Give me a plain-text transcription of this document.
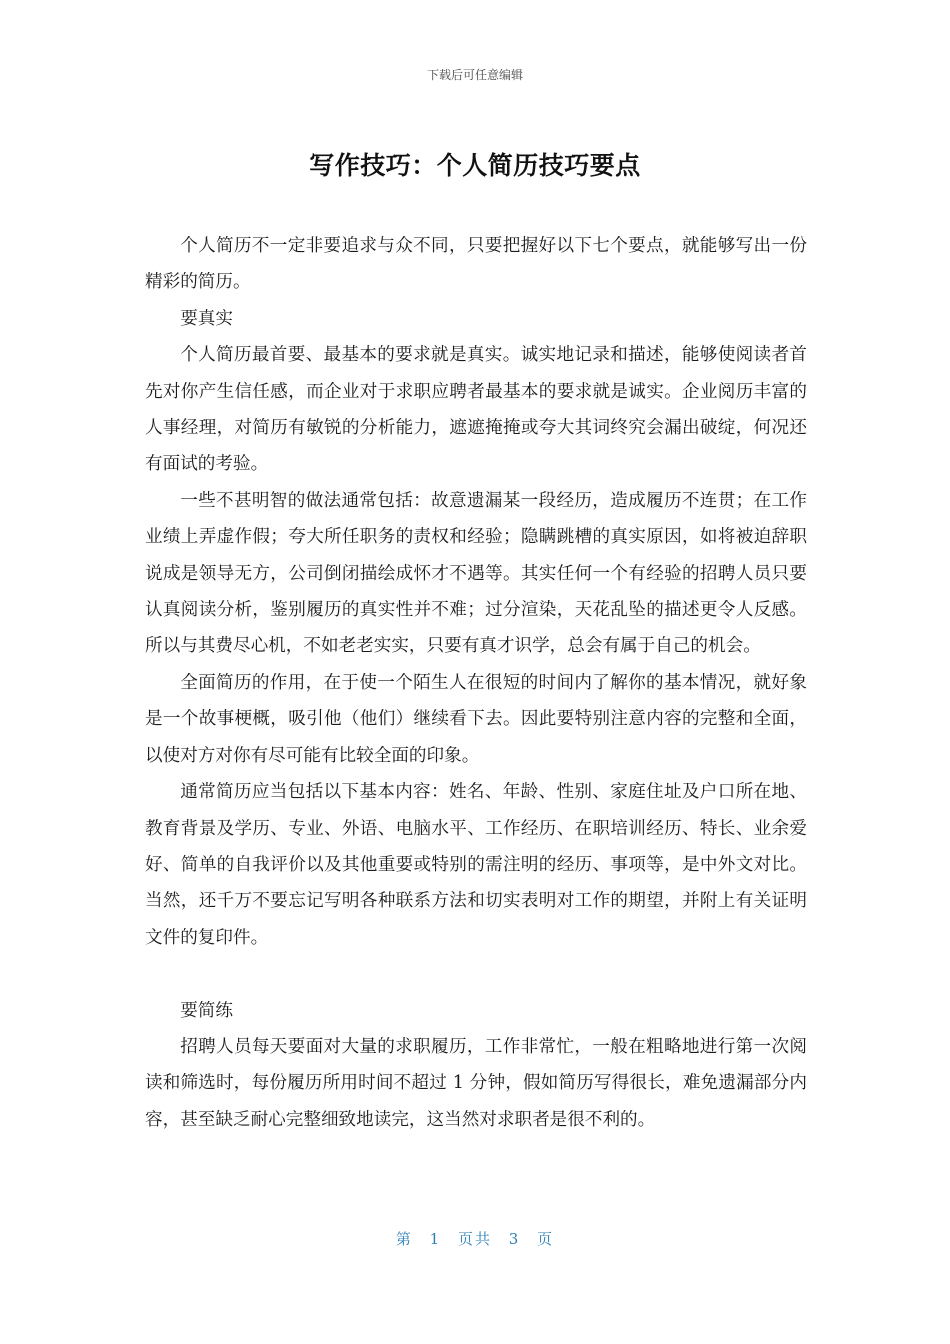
下载后可任意编辑
写作技巧：个人简历技巧要点

个人简历不一定非要追求与众不同，只要把握好以下七个要点，就能够写出一份精彩的简历。

要真实

个人简历最首要、最基本的要求就是真实。诚实地记录和描述，能够使阅读者首先对你产生信任感，而企业对于求职应聘者最基本的要求就是诚实。企业阅历丰富的人事经理，对简历有敏锐的分析能力，遮遮掩掩或夸大其词终究会漏出破绽，何况还有面试的考验。

一些不甚明智的做法通常包括：故意遗漏某一段经历，造成履历不连贯；在工作业绩上弄虚作假；夸大所任职务的责权和经验；隐瞒跳槽的真实原因，如将被迫辞职说成是领导无方，公司倒闭描绘成怀才不遇等。其实任何一个有经验的招聘人员只要认真阅读分析，鉴别履历的真实性并不难；过分渲染，天花乱坠的描述更令人反感。所以与其费尽心机，不如老老实实，只要有真才识学，总会有属于自己的机会。

全面简历的作用，在于使一个陌生人在很短的时间内了解你的基本情况，就好象是一个故事梗概，吸引他（他们）继续看下去。因此要特别注意内容的完整和全面，以使对方对你有尽可能有比较全面的印象。

通常简历应当包括以下基本内容：姓名、年龄、性别、家庭住址及户口所在地、教育背景及学历、专业、外语、电脑水平、工作经历、在职培训经历、特长、业余爱好、简单的自我评价以及其他重要或特别的需注明的经历、事项等，是中外文对比。当然，还千万不要忘记写明各种联系方法和切实表明对工作的期望，并附上有关证明文件的复印件。

要简练

招聘人员每天要面对大量的求职履历，工作非常忙，一般在粗略地进行第一次阅读和筛选时，每份履历所用时间不超过 1 分钟，假如简历写得很长，难免遗漏部分内容，甚至缺乏耐心完整细致地读完，这当然对求职者是很不利的。

第 1 页共 3 页
